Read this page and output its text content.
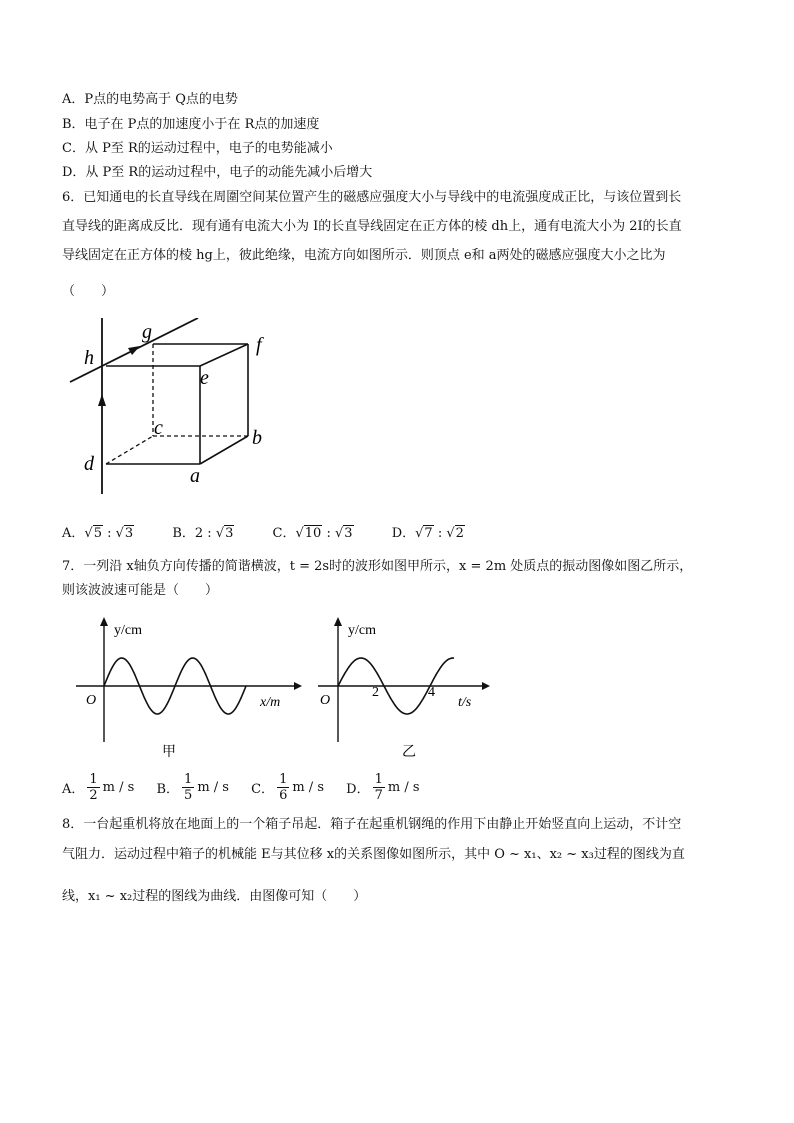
A．P点的电势高于 Q点的电势
B．电子在 P点的加速度小于在 R点的加速度
C．从 P至 R的运动过程中，电子的电势能减小
D．从 P至 R的运动过程中，电子的动能先减小后增大
6．已知通电的长直导线在周圍空间某位置产生的磁感应强度大小与导线中的电流强度成正比，与该位置到长
直导线的距离成反比．现有通有电流大小为 I的长直导线固定在正方体的棱 dh上，通有电流大小为 2I的长直
导线固定在正方体的棱 hg上，彼此绝缘，电流方向如图所示．则顶点 e和 a两处的磁感应强度大小之比为
（　　）
h
g
f
e
c	b
d
a
A．√5 : √3	B．2 : √3	C．√10 : √3	D．√7 : √2
7．一列沿 x轴负方向传播的简谐横波，t = 2s时的波形如图甲所示，x = 2m 处质点的振动图像如图乙所示，
则该波波速可能是（　　）
y/cm
O	x/m
甲
y/cm
O
2	4
t/s
乙
A． $\frac{1}{2}$ m / s B． $\frac{1}{5}$ m / s C． $\frac{1}{6}$ m / s D． $\frac{1}{7}$ m / s
8．一台起重机将放在地面上的一个箱子吊起．箱子在起重机钢绳的作用下由静止开始竖直向上运动，不计空
气阻力．运动过程中箱子的机械能 E与其位移 x的关系图像如图所示，其中 O ~ x₁、x₂ ~ x₃过程的图线为直
线，x₁ ~ x₂过程的图线为曲线．由图像可知（　　）
